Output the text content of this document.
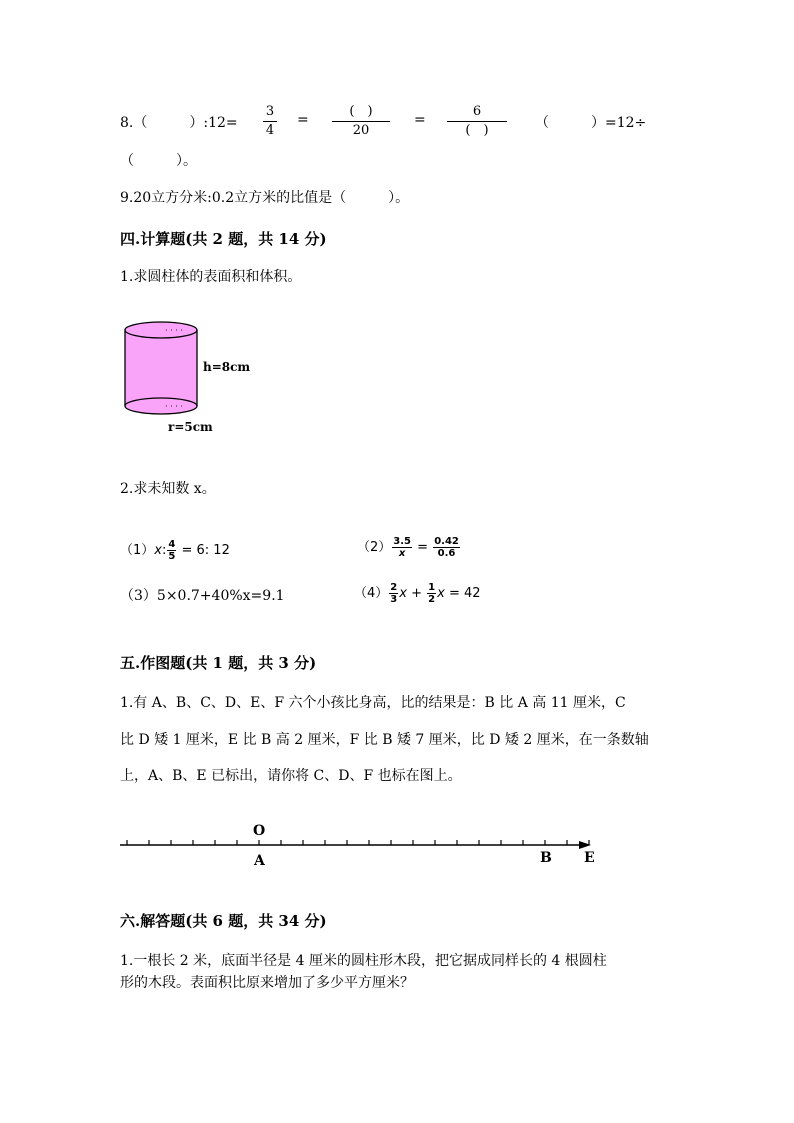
8.（　　　）:12=
3
4
=
(　)
20
=
6
(　)	（　　　）=12÷
（　　　）。
9.20立方分米:0.2立方米的比值是（　　　）。
四.计算题(共 2 题，共 14 分)
1.求圆柱体的表面积和体积。
· · · ·
· · · ·
h=8cm
r=5cm
2.求未知数 x。
（1）x: $\frac{4}{5} = 6$: 12	$(2) \frac{3.5}{x} = \frac{0.42}{0.6}$
（3）5×0.7+40%x=9.1	$(4) \frac{2}{3}$ $x + \frac{1}{2}$ x = 42
五.作图题(共 1 题，共 3 分)
1.有 A、B、C、D、E、F 六个小孩比身高，比的结果是：B 比 A 高 11 厘米，C
比 D 矮 1 厘米，E 比 B 高 2 厘米，F 比 B 矮 7 厘米，比 D 矮 2 厘米，在一条数轴
上，A、B、E 已标出，请你将 C、D、F 也标在图上。
O
A	B E
六.解答题(共 6 题，共 34 分)
1.一根长 2 米，底面半径是 4 厘米的圆柱形木段，把它据成同样长的 4 根圆柱
形的木段。表面积比原来增加了多少平方厘米？
